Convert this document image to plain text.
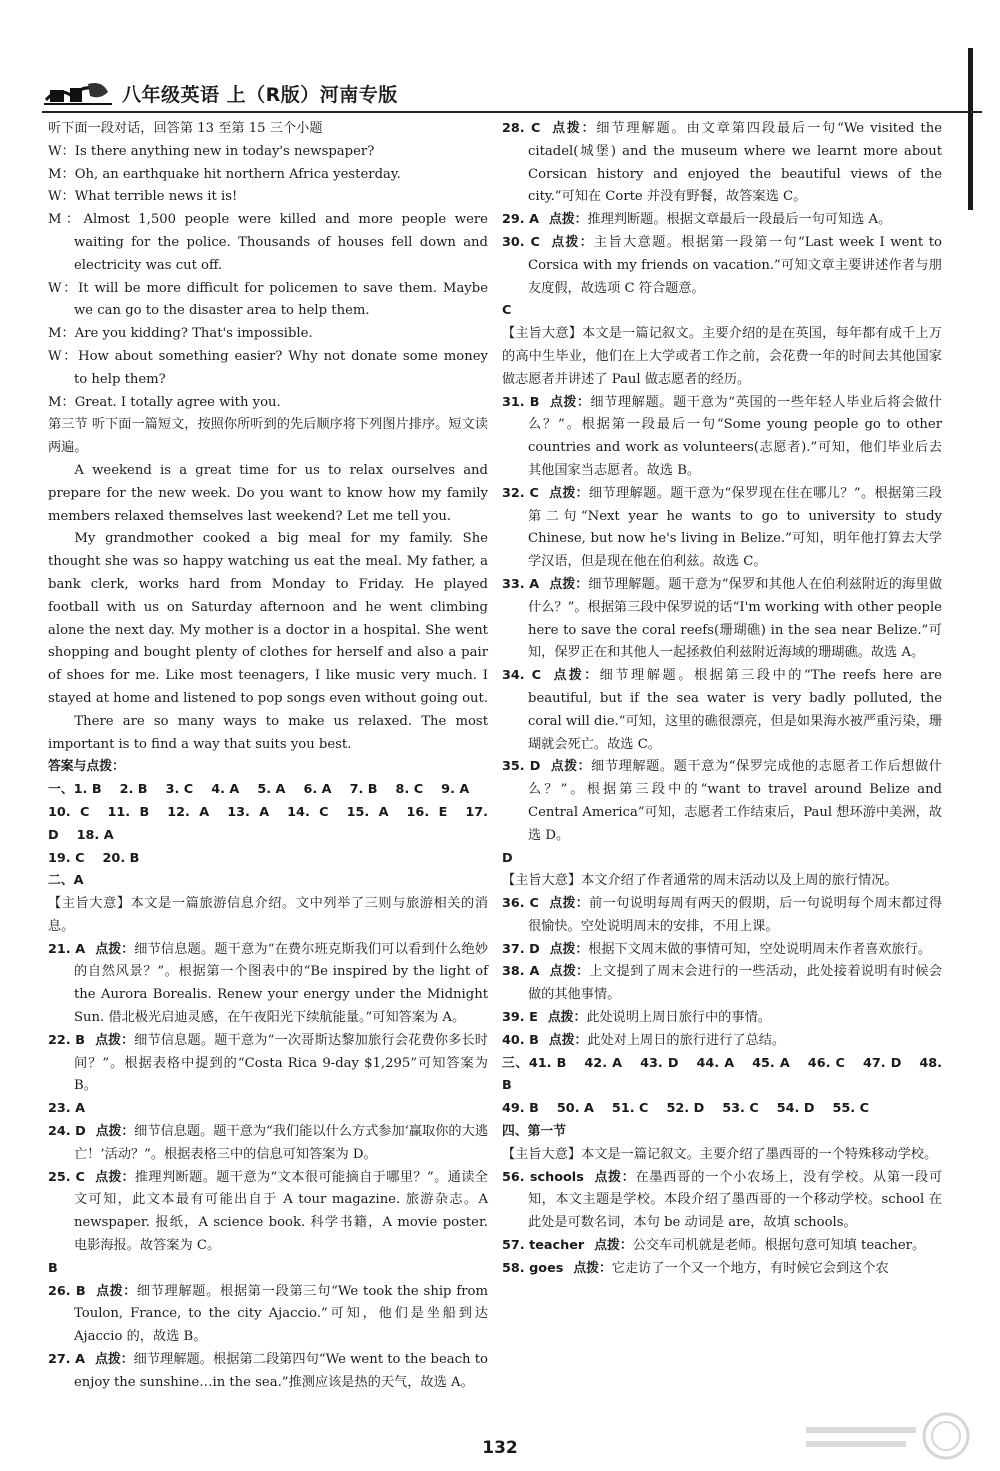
八年级英语 上（R版）河南专版

听下面一段对话，回答第 13 至第 15 三个小题

W：Is there anything new in today's newspaper?

M：Oh, an earthquake hit northern Africa yesterday.

W：What terrible news it is!

M：Almost 1,500 people were killed and more people were waiting for the police. Thousands of houses fell down and electricity was cut off.

W：It will be more difficult for policemen to save them. Maybe we can go to the disaster area to help them.

M：Are you kidding? That's impossible.

W：How about something easier? Why not donate some money to help them?

M：Great. I totally agree with you.

第三节 听下面一篇短文，按照你所听到的先后顺序将下列图片排序。短文读两遍。

A weekend is a great time for us to relax ourselves and prepare for the new week. Do you want to know how my family members relaxed themselves last weekend? Let me tell you.

My grandmother cooked a big meal for my family. She thought she was so happy watching us eat the meal. My father, a bank clerk, works hard from Monday to Friday. He played football with us on Saturday afternoon and he went climbing alone the next day. My mother is a doctor in a hospital. She went shopping and bought plenty of clothes for herself and also a pair of shoes for me. Like most teenagers, I like music very much. I stayed at home and listened to pop songs even without going out.

There are so many ways to make us relaxed. The most important is to find a way that suits you best.

答案与点拨：

一、1. B 2. B 3. C 4. A 5. A 6. A 7. B 8. C 9. A

10. C 11. B 12. A 13. A 14. C 15. A 16. E 17. D 18. A

19. C 20. B

二、A

【主旨大意】本文是一篇旅游信息介绍。文中列举了三则与旅游相关的消息。

21. A 点拨：细节信息题。题干意为“在费尔班克斯我们可以看到什么绝妙的自然风景？”。根据第一个图表中的“Be inspired by the light of the Aurora Borealis. Renew your energy under the Midnight Sun. 借北极光启迪灵感，在午夜阳光下续航能量。”可知答案为 A。

22. B 点拨：细节信息题。题干意为“一次哥斯达黎加旅行会花费你多长时间？”。根据表格中提到的“Costa Rica 9-day $1,295”可知答案为 B。

23. A

24. D 点拨：细节信息题。题干意为“我们能以什么方式参加‘赢取你的大逃亡！’活动？”。根据表格三中的信息可知答案为 D。

25. C 点拨：推理判断题。题干意为“文本很可能摘自于哪里？”。通读全文可知，此文本最有可能出自于 A tour magazine. 旅游杂志。A newspaper. 报纸，A science book. 科学书籍，A movie poster. 电影海报。故答案为 C。

B

26. B 点拨：细节理解题。根据第一段第三句“We took the ship from Toulon, France, to the city Ajaccio.”可知，他们是坐船到达 Ajaccio 的，故选 B。

27. A 点拨：细节理解题。根据第二段第四句“We went to the beach to enjoy the sunshine…in the sea.”推测应该是热的天气，故选 A。

28. C 点拨：细节理解题。由文章第四段最后一句“We visited the citadel(城堡) and the museum where we learnt more about Corsican history and enjoyed the beautiful views of the city.”可知在 Corte 并没有野餐，故答案选 C。

29. A 点拨：推理判断题。根据文章最后一段最后一句可知选 A。

30. C 点拨：主旨大意题。根据第一段第一句“Last week I went to Corsica with my friends on vacation.”可知文章主要讲述作者与朋友度假，故选项 C 符合题意。

C

【主旨大意】本文是一篇记叙文。主要介绍的是在英国，每年都有成千上万的高中生毕业，他们在上大学或者工作之前，会花费一年的时间去其他国家做志愿者并讲述了 Paul 做志愿者的经历。

31. B 点拨：细节理解题。题干意为“英国的一些年轻人毕业后将会做什么？”。根据第一段最后一句“Some young people go to other countries and work as volunteers(志愿者).”可知，他们毕业后去其他国家当志愿者。故选 B。

32. C 点拨：细节理解题。题干意为“保罗现在住在哪儿？”。根据第三段第二句“Next year he wants to go to university to study Chinese, but now he's living in Belize.”可知，明年他打算去大学学汉语，但是现在他在伯利兹。故选 C。

33. A 点拨：细节理解题。题干意为“保罗和其他人在伯利兹附近的海里做什么？”。根据第三段中保罗说的话“I'm working with other people here to save the coral reefs(珊瑚礁) in the sea near Belize.”可知，保罗正在和其他人一起拯救伯利兹附近海域的珊瑚礁。故选 A。

34. C 点拨：细节理解题。根据第三段中的“The reefs here are beautiful, but if the sea water is very badly polluted, the coral will die.”可知，这里的礁很漂亮，但是如果海水被严重污染，珊瑚就会死亡。故选 C。

35. D 点拨：细节理解题。题干意为“保罗完成他的志愿者工作后想做什么？”。根据第三段中的“want to travel around Belize and Central America”可知，志愿者工作结束后，Paul 想环游中美洲，故选 D。

D

【主旨大意】本文介绍了作者通常的周末活动以及上周的旅行情况。

36. C 点拨：前一句说明每周有两天的假期，后一句说明每个周末都过得很愉快。空处说明周末的安排，不用上课。

37. D 点拨：根据下文周末做的事情可知，空处说明周末作者喜欢旅行。

38. A 点拨：上文提到了周末会进行的一些活动，此处接着说明有时候会做的其他事情。

39. E 点拨：此处说明上周日旅行中的事情。

40. B 点拨：此处对上周日的旅行进行了总结。

三、41. B 42. A 43. D 44. A 45. A 46. C 47. D 48. B

49. B 50. A 51. C 52. D 53. C 54. D 55. C

四、第一节

【主旨大意】本文是一篇记叙文。主要介绍了墨西哥的一个特殊移动学校。

56. schools 点拨：在墨西哥的一个小农场上，没有学校。从第一段可知，本文主题是学校。本段介绍了墨西哥的一个移动学校。school 在此处是可数名词，本句 be 动词是 are，故填 schools。

57. teacher 点拨：公交车司机就是老师。根据句意可知填 teacher。

58. goes 点拨：它走访了一个又一个地方，有时候它会到这个农

132
